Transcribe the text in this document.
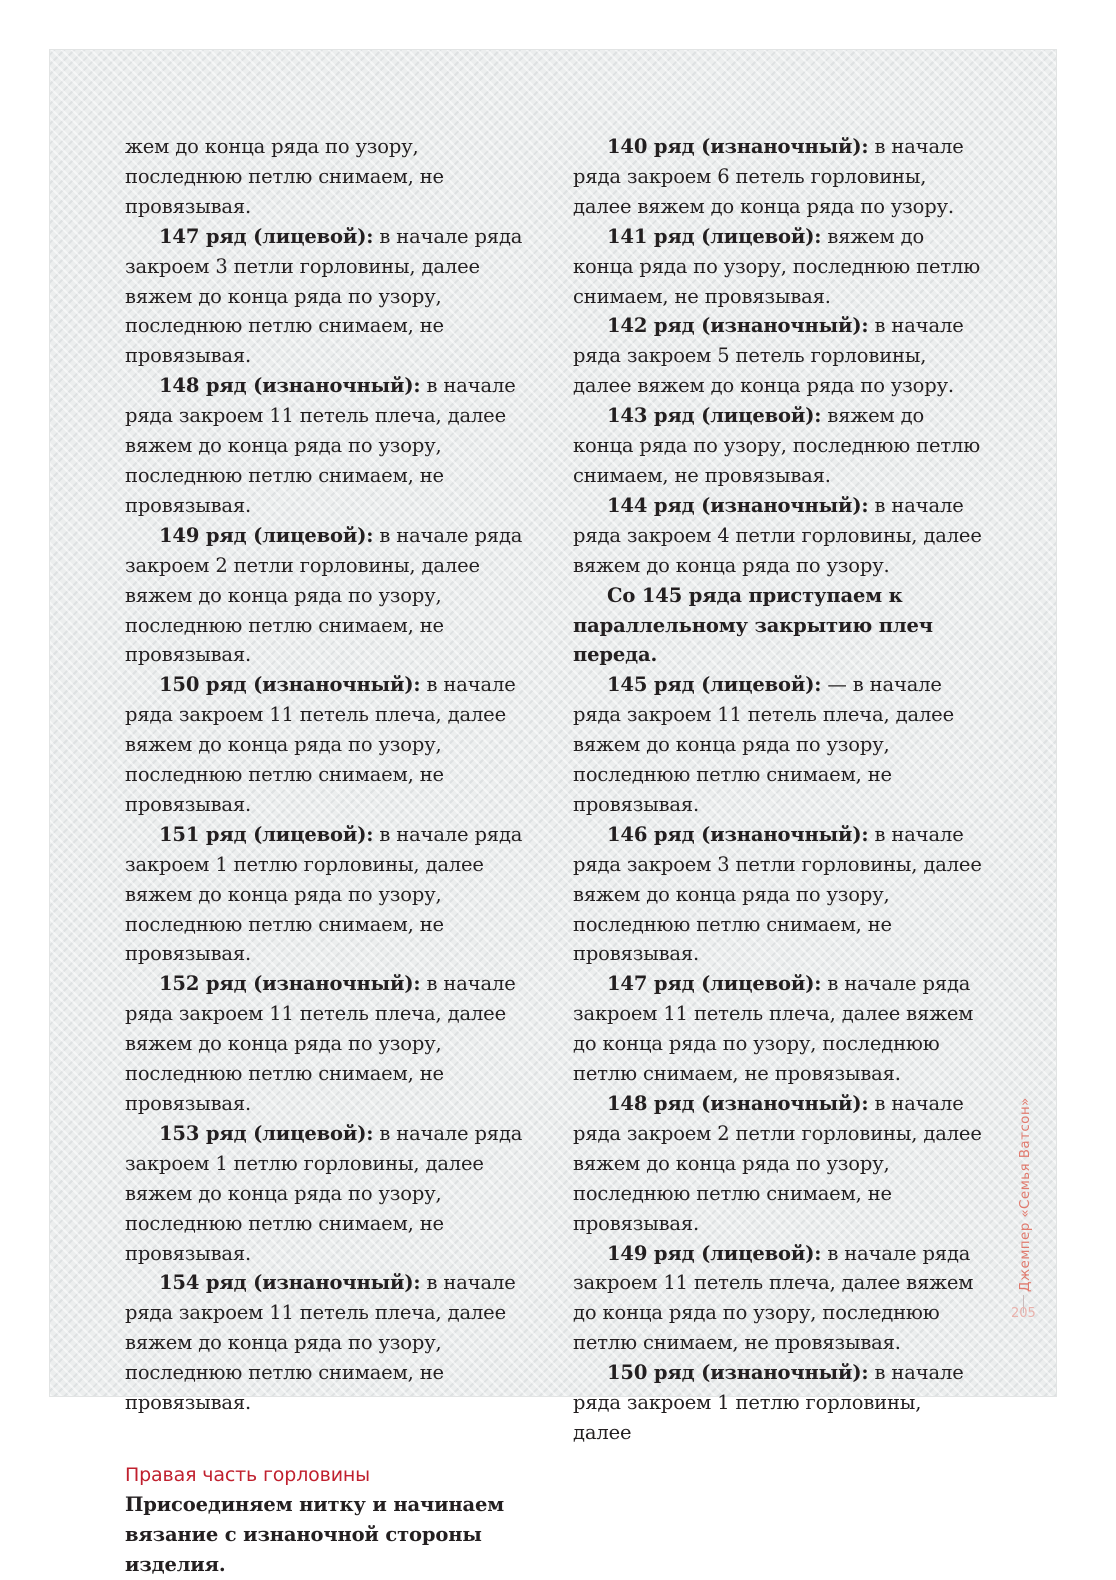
жем до конца ряда по узору, последнюю петлю снимаем, не провязывая.

147 ряд (лицевой): в начале ряда закроем 3 петли горловины, далее вяжем до конца ряда по узору, последнюю петлю снимаем, не провязывая.

148 ряд (изнаночный): в начале ряда закроем 11 петель плеча, далее вяжем до конца ряда по узору, последнюю петлю снимаем, не провязывая.

149 ряд (лицевой): в начале ряда закроем 2 петли горловины, далее вяжем до конца ряда по узору, последнюю петлю снимаем, не провязывая.

150 ряд (изнаночный): в начале ряда закроем 11 петель плеча, далее вяжем до конца ряда по узору, последнюю петлю снимаем, не провязывая.

151 ряд (лицевой): в начале ряда закроем 1 петлю горловины, далее вяжем до конца ряда по узору, последнюю петлю снимаем, не провязывая.

152 ряд (изнаночный): в начале ряда закроем 11 петель плеча, далее вяжем до конца ряда по узору, последнюю петлю снимаем, не провязывая.

153 ряд (лицевой): в начале ряда закроем 1 петлю горловины, далее вяжем до конца ряда по узору, последнюю петлю снимаем, не провязывая.

154 ряд (изнаночный): в начале ряда закроем 11 петель плеча, далее вяжем до конца ряда по узору, последнюю петлю снимаем, не провязывая.

Правая часть горловины

Присоединяем нитку и начинаем вязание с изнаночной стороны изделия.

140 ряд (изнаночный): в начале ряда закроем 6 петель горловины, далее вяжем до конца ряда по узору.

141 ряд (лицевой): вяжем до конца ряда по узору, последнюю петлю снимаем, не провязывая.

142 ряд (изнаночный): в начале ряда закроем 5 петель горловины, далее вяжем до конца ряда по узору.

143 ряд (лицевой): вяжем до конца ряда по узору, последнюю петлю снимаем, не провязывая.

144 ряд (изнаночный): в начале ряда закроем 4 петли горловины, далее вяжем до конца ряда по узору.

Со 145 ряда приступаем к параллельному закрытию плеч переда.

145 ряд (лицевой): — в начале ряда закроем 11 петель плеча, далее вяжем до конца ряда по узору, последнюю петлю снимаем, не провязывая.

146 ряд (изнаночный): в начале ряда закроем 3 петли горловины, далее вяжем до конца ряда по узору, последнюю петлю снимаем, не провязывая.

147 ряд (лицевой): в начале ряда закроем 11 петель плеча, далее вяжем до конца ряда по узору, последнюю петлю снимаем, не провязывая.

148 ряд (изнаночный): в начале ряда закроем 2 петли горловины, далее вяжем до конца ряда по узору, последнюю петлю снимаем, не провязывая.

149 ряд (лицевой): в начале ряда закроем 11 петель плеча, далее вяжем до конца ряда по узору, последнюю петлю снимаем, не провязывая.

150 ряд (изнаночный): в начале ряда закроем 1 петлю горловины, далее

Джемпер «Семья Ватсон»
205
